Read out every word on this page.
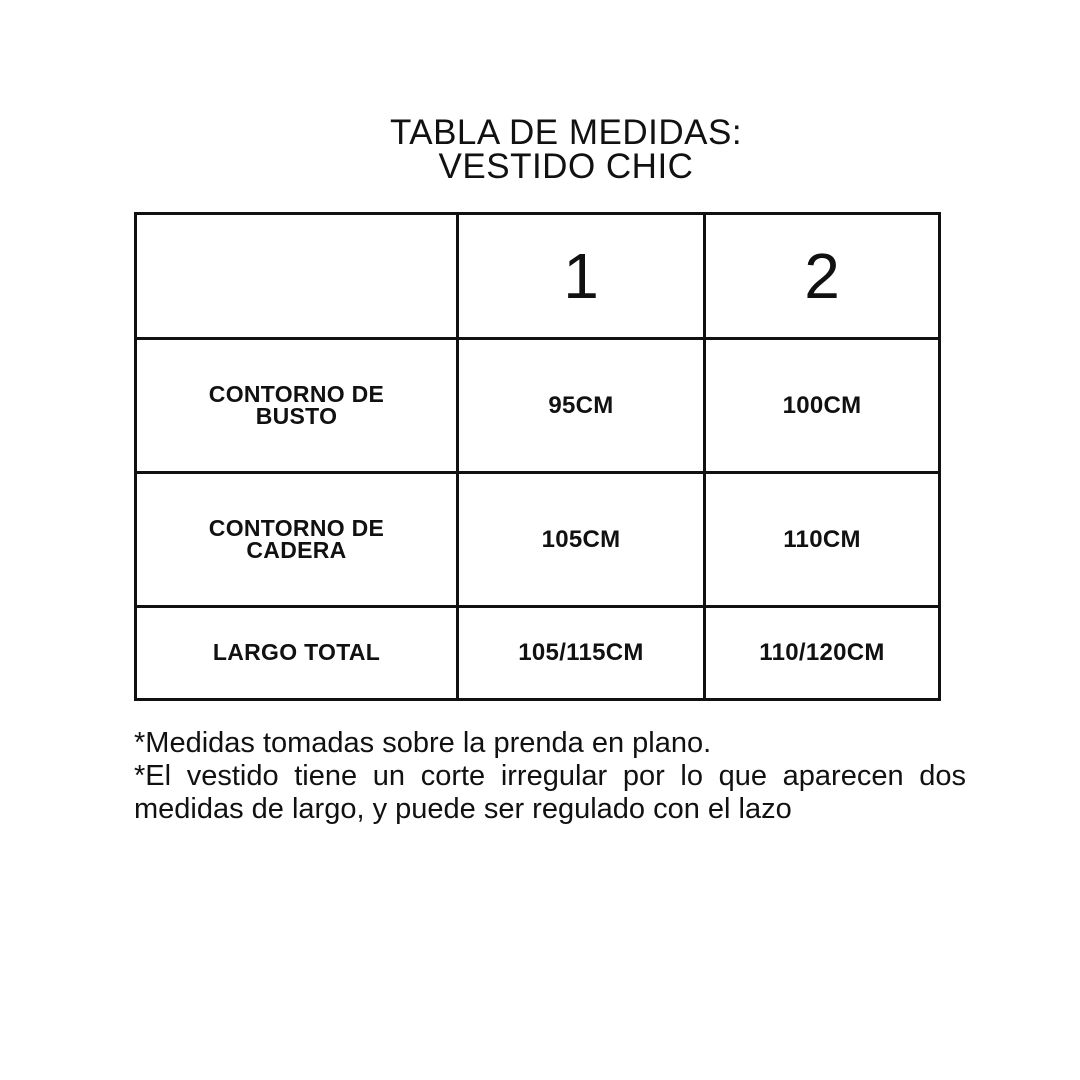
TABLA DE MEDIDAS:
VESTIDO CHIC
	1	2

CONTORNO DE BUSTO	95CM	100CM

CONTORNO DE CADERA	105CM	110CM
LARGO TOTAL	105/115CM	110/120CM

*Medidas tomadas sobre la prenda en plano.

*El vestido tiene un corte irregular por lo que aparecen dos medidas de largo, y puede ser regulado con el lazo
